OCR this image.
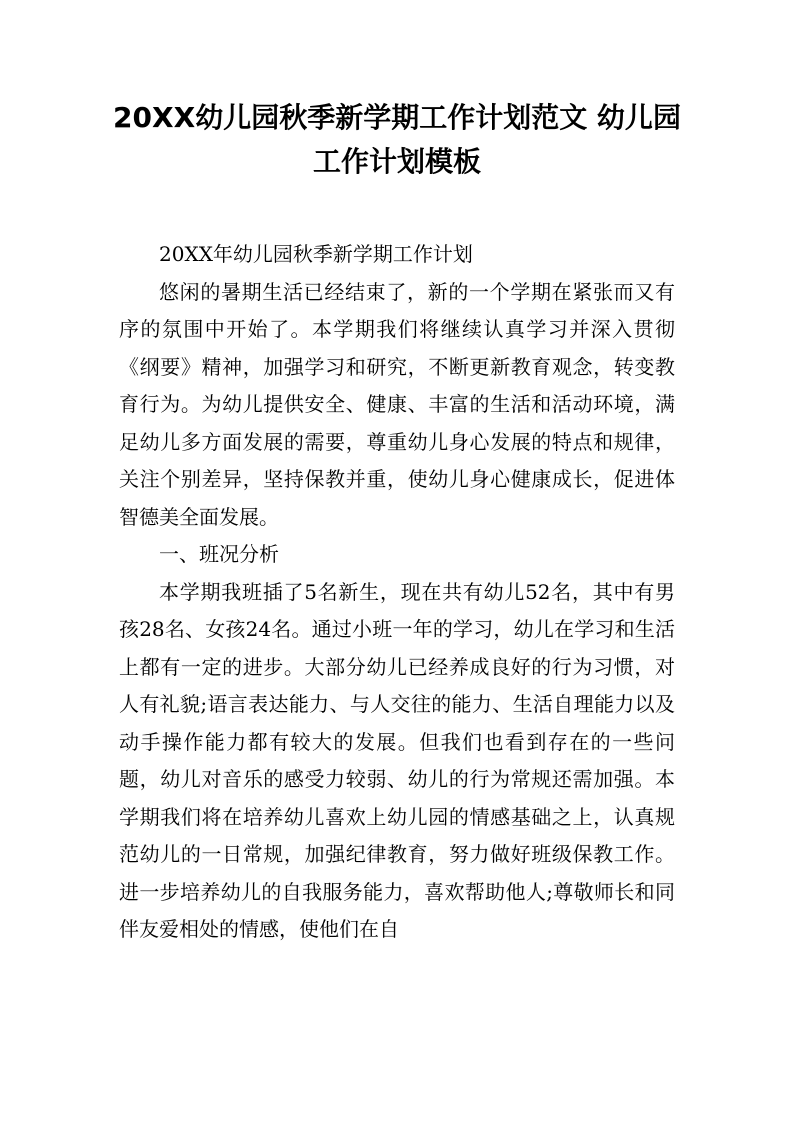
20XX幼儿园秋季新学期工作计划范文 幼儿园工作计划模板

20XX年幼儿园秋季新学期工作计划

悠闲的暑期生活已经结束了，新的一个学期在紧张而又有序的氛围中开始了。本学期我们将继续认真学习并深入贯彻《纲要》精神，加强学习和研究，不断更新教育观念，转变教育行为。为幼儿提供安全、健康、丰富的生活和活动环境，满足幼儿多方面发展的需要，尊重幼儿身心发展的特点和规律，关注个别差异，坚持保教并重，使幼儿身心健康成长，促进体智德美全面发展。

一、班况分析

本学期我班插了5名新生，现在共有幼儿52名，其中有男孩28名、女孩24名。通过小班一年的学习，幼儿在学习和生活上都有一定的进步。大部分幼儿已经养成良好的行为习惯，对人有礼貌;语言表达能力、与人交往的能力、生活自理能力以及动手操作能力都有较大的发展。但我们也看到存在的一些问题，幼儿对音乐的感受力较弱、幼儿的行为常规还需加强。本学期我们将在培养幼儿喜欢上幼儿园的情感基础之上，认真规范幼儿的一日常规，加强纪律教育，努力做好班级保教工作。进一步培养幼儿的自我服务能力，喜欢帮助他人;尊敬师长和同伴友爱相处的情感，使他们在自
